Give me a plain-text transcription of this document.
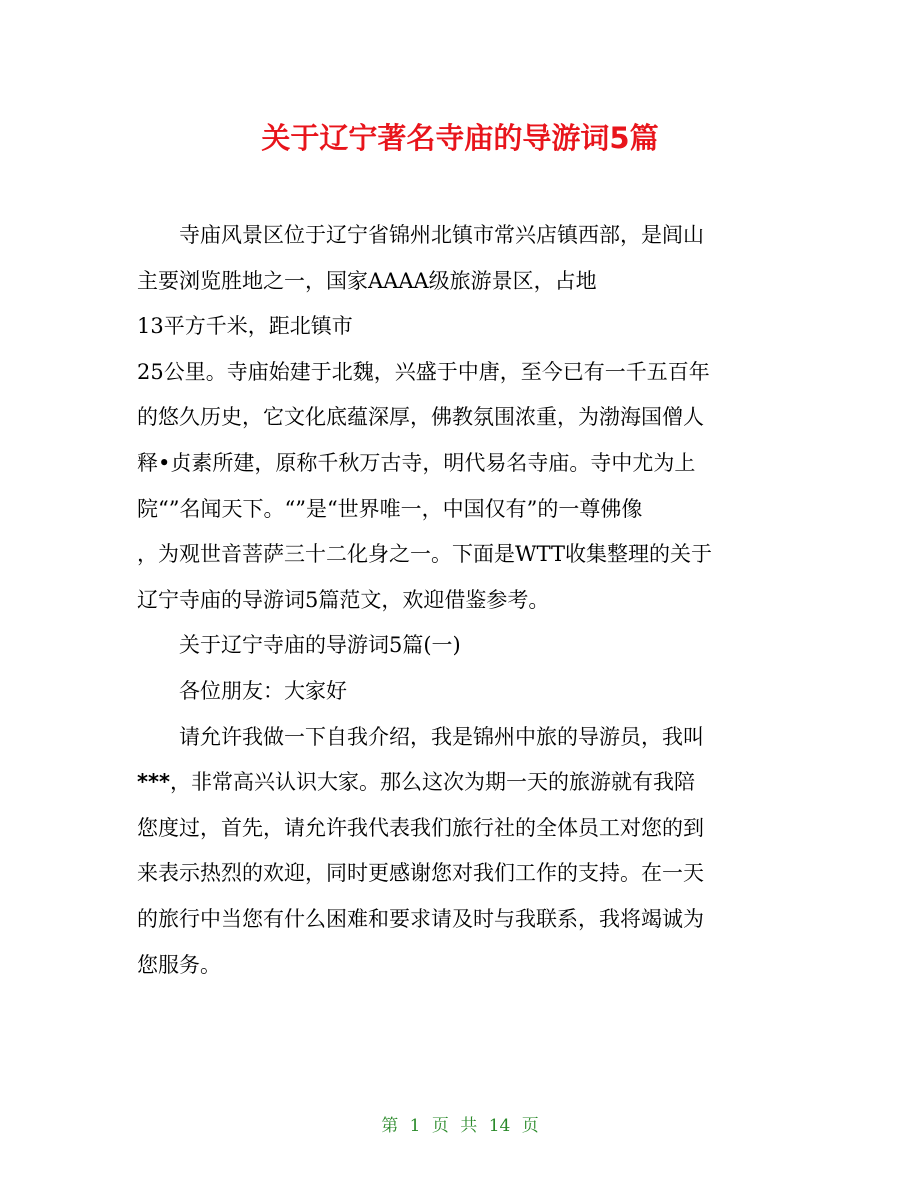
关于辽宁著名寺庙的导游词5篇
寺庙风景区位于辽宁省锦州北镇市常兴店镇西部，是闾山
主要浏览胜地之一，国家AAAA级旅游景区，占地
13平方千米，距北镇市
25公里。寺庙始建于北魏，兴盛于中唐，至今已有一千五百年
的悠久历史，它文化底蕴深厚，佛教氛围浓重，为渤海国僧人
释•贞素所建，原称千秋万古寺，明代易名寺庙。寺中尤为上
院“”名闻天下。“”是“世界唯一，中国仅有”的一尊佛像
，为观世音菩萨三十二化身之一。下面是WTT收集整理的关于
辽宁寺庙的导游词5篇范文，欢迎借鉴参考。
关于辽宁寺庙的导游词5篇(一)
各位朋友：大家好
请允许我做一下自我介绍，我是锦州中旅的导游员，我叫
***，非常高兴认识大家。那么这次为期一天的旅游就有我陪
您度过，首先，请允许我代表我们旅行社的全体员工对您的到
来表示热烈的欢迎，同时更感谢您对我们工作的支持。在一天
的旅行中当您有什么困难和要求请及时与我联系，我将竭诚为
您服务。
第 1 页 共 14 页
